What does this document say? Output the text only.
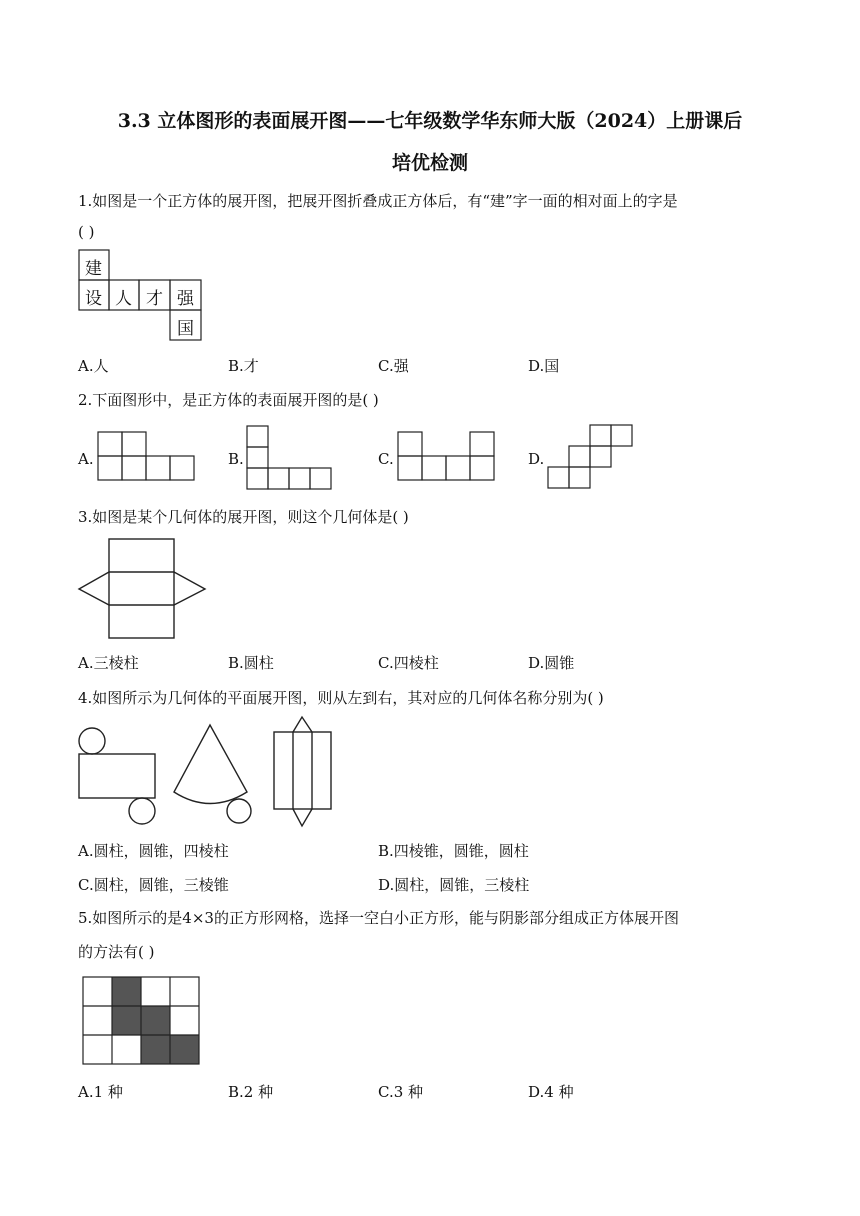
3.3 立体图形的表面展开图——七年级数学华东师大版（2024）上册课后
培优检测
1.如图是一个正方体的展开图，把展开图折叠成正方体后，有“建”字一面的相对面上的字是
( )
建
设 人 才 强
国
A.人	B.才	C.强	D.国
2.下面图形中，是正方体的表面展开图的是( )
A.	B.	C.	D.
3.如图是某个几何体的展开图，则这个几何体是( )
A.三棱柱	B.圆柱	C.四棱柱	D.圆锥
4.如图所示为几何体的平面展开图，则从左到右，其对应的几何体名称分别为( )
A.圆柱，圆锥，四棱柱	B.四棱锥，圆锥，圆柱
C.圆柱，圆锥，三棱锥	D.圆柱，圆锥，三棱柱
5.如图所示的是4×3的正方形网格，选择一空白小正方形，能与阴影部分组成正方体展开图
的方法有( )
A.1 种	B.2 种	C.3 种	D.4 种
